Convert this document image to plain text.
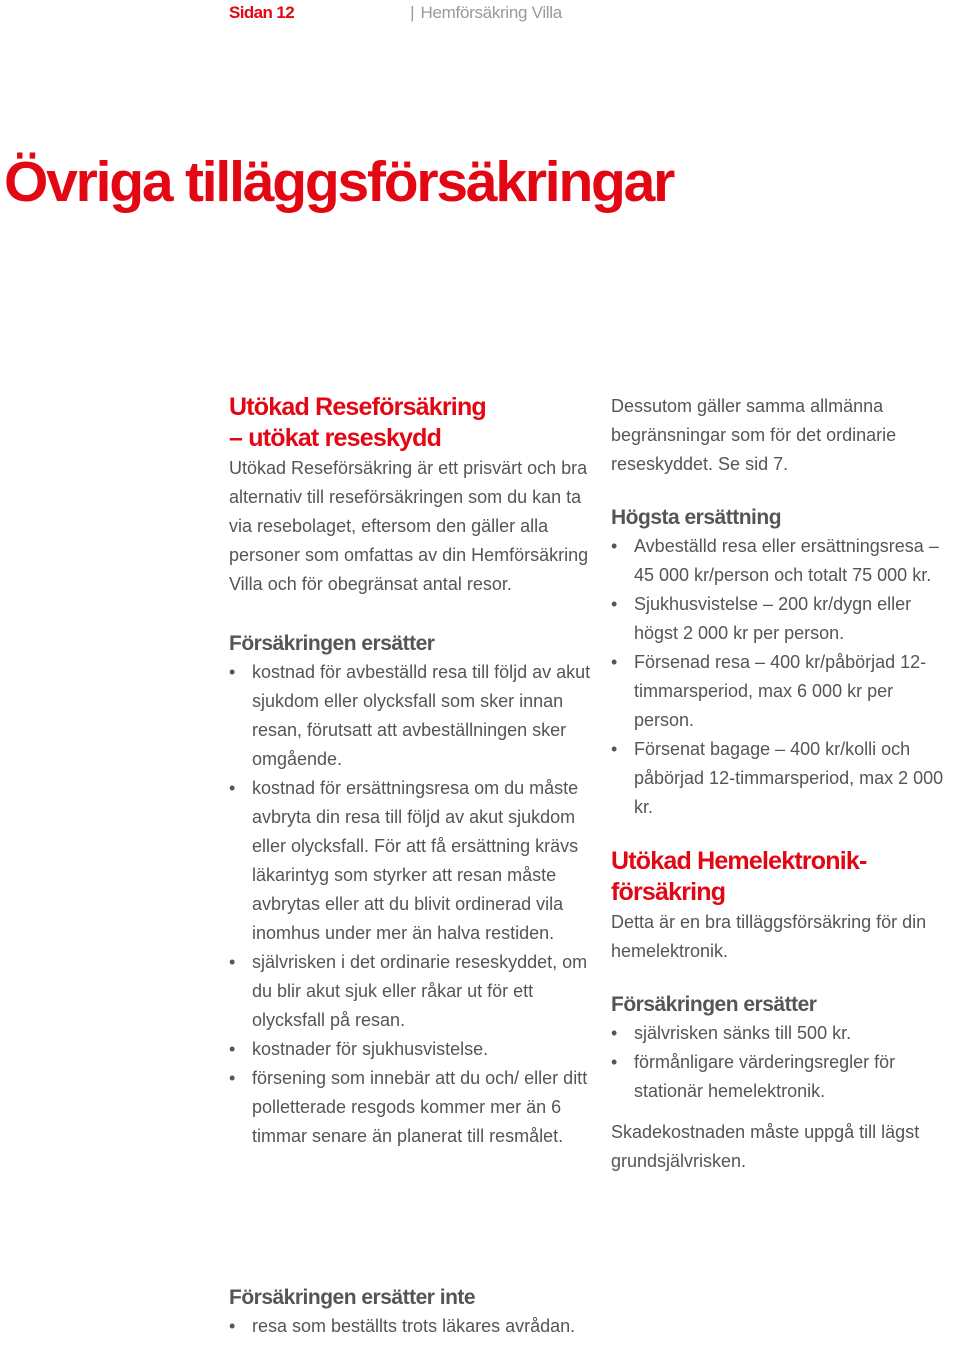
Sidan 12	| Hemförsäkring Villa
Övriga tilläggsförsäkringar
Utökad Reseförsäkring
– utökat reseskydd

Utökad Reseförsäkring är ett prisvärt och bra alternativ till reseförsäkringen som du kan ta via resebolaget, eftersom den gäller alla personer som omfattas av din Hemförsäkring Villa och för obegränsat antal resor.

Försäkringen ersätter
• kostnad för avbeställd resa till följd av akut sjukdom eller olycksfall som sker innan resan, förutsatt att avbeställningen sker omgående.
• kostnad för ersättningsresa om du måste avbryta din resa till följd av akut sjukdom eller olycksfall. För att få ersättning krävs läkarintyg som styrker att resan måste avbrytas eller att du blivit ordinerad vila inomhus under mer än halva restiden.
• självrisken i det ordinarie reseskyddet, om du blir akut sjuk eller råkar ut för ett olycksfall på resan.
• kostnader för sjukhusvistelse.
• försening som innebär att du och/ eller ditt polletterade resgods kommer mer än 6 timmar senare än planerat till resmålet.
Försäkringen ersätter inte
• resa som beställts trots läkares avrådan.

Dessutom gäller samma allmänna begränsningar som för det ordinarie reseskyddet. Se sid 7.

Högsta ersättning
• Avbeställd resa eller ersättningsresa – 45 000 kr/person och totalt 75 000 kr.
• Sjukhusvistelse – 200 kr/dygn eller högst 2 000 kr per person.
• Försenad resa – 400 kr/påbörjad 12-timmarsperiod, max 6 000 kr per person.
• Försenat bagage – 400 kr/kolli och påbörjad 12-timmarsperiod, max 2 000 kr.
Utökad Hemelektronik-
försäkring

Detta är en bra tilläggsförsäkring för din hemelektronik.

Försäkringen ersätter
• självrisken sänks till 500 kr.
• förmånligare värderingsregler för stationär hemelektronik.

Skadekostnaden måste uppgå till lägst grundsjälvrisken.
